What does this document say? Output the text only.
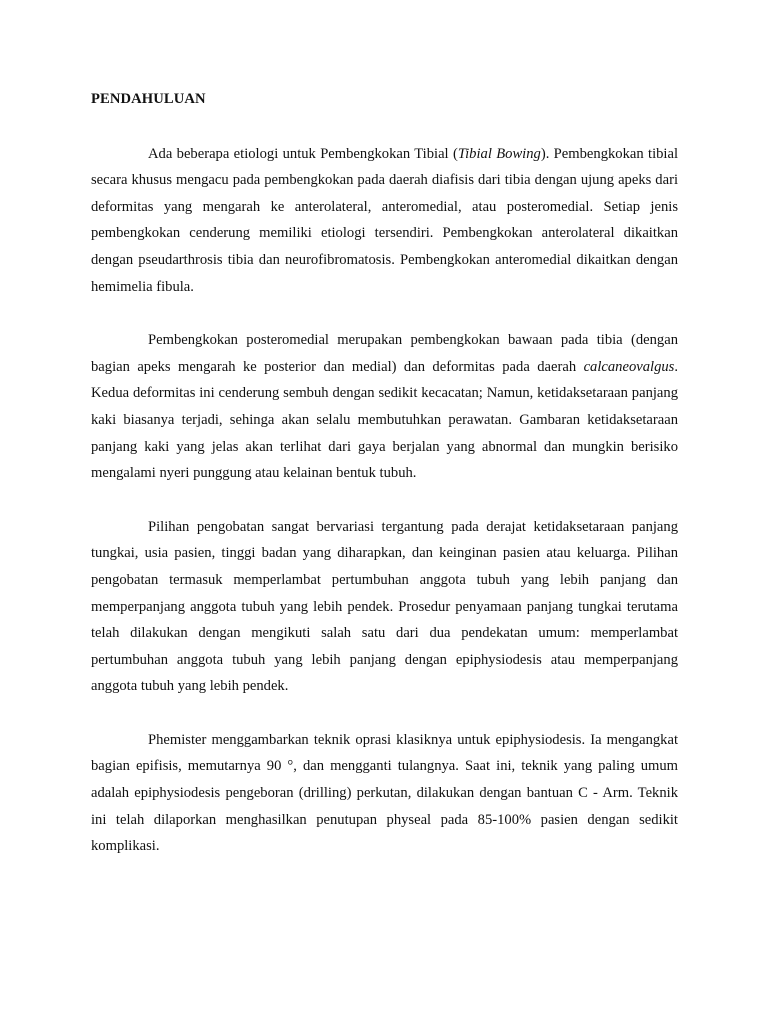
PENDAHULUAN

Ada beberapa etiologi untuk Pembengkokan Tibial (Tibial Bowing). Pembengkokan tibial secara khusus mengacu pada pembengkokan pada daerah diafisis dari tibia dengan ujung apeks dari deformitas yang mengarah ke anterolateral, anteromedial, atau posteromedial. Setiap jenis pembengkokan cenderung memiliki etiologi tersendiri. Pembengkokan anterolateral dikaitkan dengan pseudarthrosis tibia dan neurofibromatosis. Pembengkokan anteromedial dikaitkan dengan hemimelia fibula.

Pembengkokan posteromedial merupakan pembengkokan bawaan pada tibia (dengan bagian apeks mengarah ke posterior dan medial) dan deformitas pada daerah calcaneovalgus. Kedua deformitas ini cenderung sembuh dengan sedikit kecacatan; Namun, ketidaksetaraan panjang kaki biasanya terjadi, sehinga akan selalu membutuhkan perawatan. Gambaran ketidaksetaraan panjang kaki yang jelas akan terlihat dari gaya berjalan yang abnormal dan mungkin berisiko mengalami nyeri punggung atau kelainan bentuk tubuh.

Pilihan pengobatan sangat bervariasi tergantung pada derajat ketidaksetaraan panjang tungkai, usia pasien, tinggi badan yang diharapkan, dan keinginan pasien atau keluarga. Pilihan pengobatan termasuk memperlambat pertumbuhan anggota tubuh yang lebih panjang dan memperpanjang anggota tubuh yang lebih pendek. Prosedur penyamaan panjang tungkai terutama telah dilakukan dengan mengikuti salah satu dari dua pendekatan umum: memperlambat pertumbuhan anggota tubuh yang lebih panjang dengan epiphysiodesis atau memperpanjang anggota tubuh yang lebih pendek.

Phemister menggambarkan teknik oprasi klasiknya untuk epiphysiodesis. Ia mengangkat bagian epifisis, memutarnya 90 °, dan mengganti tulangnya. Saat ini, teknik yang paling umum adalah epiphysiodesis pengeboran (drilling) perkutan, dilakukan dengan bantuan C - Arm. Teknik ini telah dilaporkan menghasilkan penutupan physeal pada 85-100% pasien dengan sedikit komplikasi.
